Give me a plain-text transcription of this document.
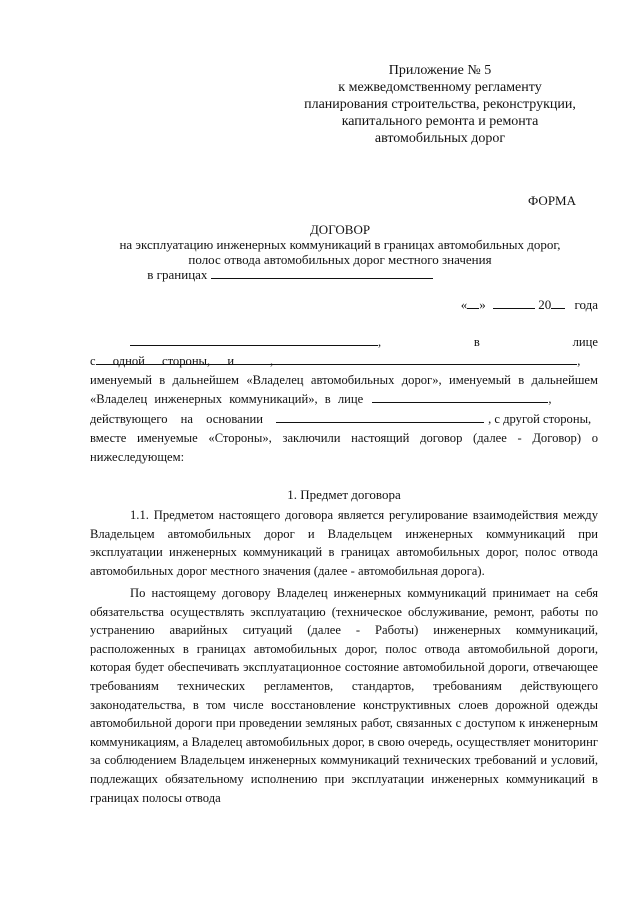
Приложение № 5
к межведомственному регламенту
планирования строительства, реконструкции,
капитального ремонта и ремонта
автомобильных дорог
ФОРМА
ДОГОВОР
на эксплуатацию инженерных коммуникаций в границах автомобильных дорог,
полос отвода автомобильных дорог местного значения
в границах
« »	20 года
, в лице ,
с одной стороны, и	,
именуемый в дальнейшем «Владелец автомобильных дорог», именуемый в дальнейшем
«Владелец инженерных коммуникаций», в лице	,
действующего на основании	, с другой стороны,
вместе именуемые «Стороны», заключили настоящий договор (далее - Договор) о
нижеследующем:
1. Предмет договора
1.1. Предметом настоящего договора является регулирование взаимодействия между Владельцем автомобильных дорог и Владельцем инженерных коммуникаций при эксплуатации инженерных коммуникаций в границах автомобильных дорог, полос отвода автомобильных дорог местного значения (далее - автомобильная дорога).
По настоящему договору Владелец инженерных коммуникаций принимает на себя обязательства осуществлять эксплуатацию (техническое обслуживание, ремонт, работы по устранению аварийных ситуаций (далее - Работы) инженерных коммуникаций, расположенных в границах автомобильных дорог, полос отвода автомобильной дороги, которая будет обеспечивать эксплуатационное состояние автомобильной дороги, отвечающее требованиям технических регламентов, стандартов, требованиям действующего законодательства, в том числе восстановление конструктивных слоев дорожной одежды автомобильной дороги при проведении земляных работ, связанных с доступом к инженерным коммуникациям, а Владелец автомобильных дорог, в свою очередь, осуществляет мониторинг за соблюдением Владельцем инженерных коммуникаций технических требований и условий, подлежащих обязательному исполнению при эксплуатации инженерных коммуникаций в границах полосы отвода
